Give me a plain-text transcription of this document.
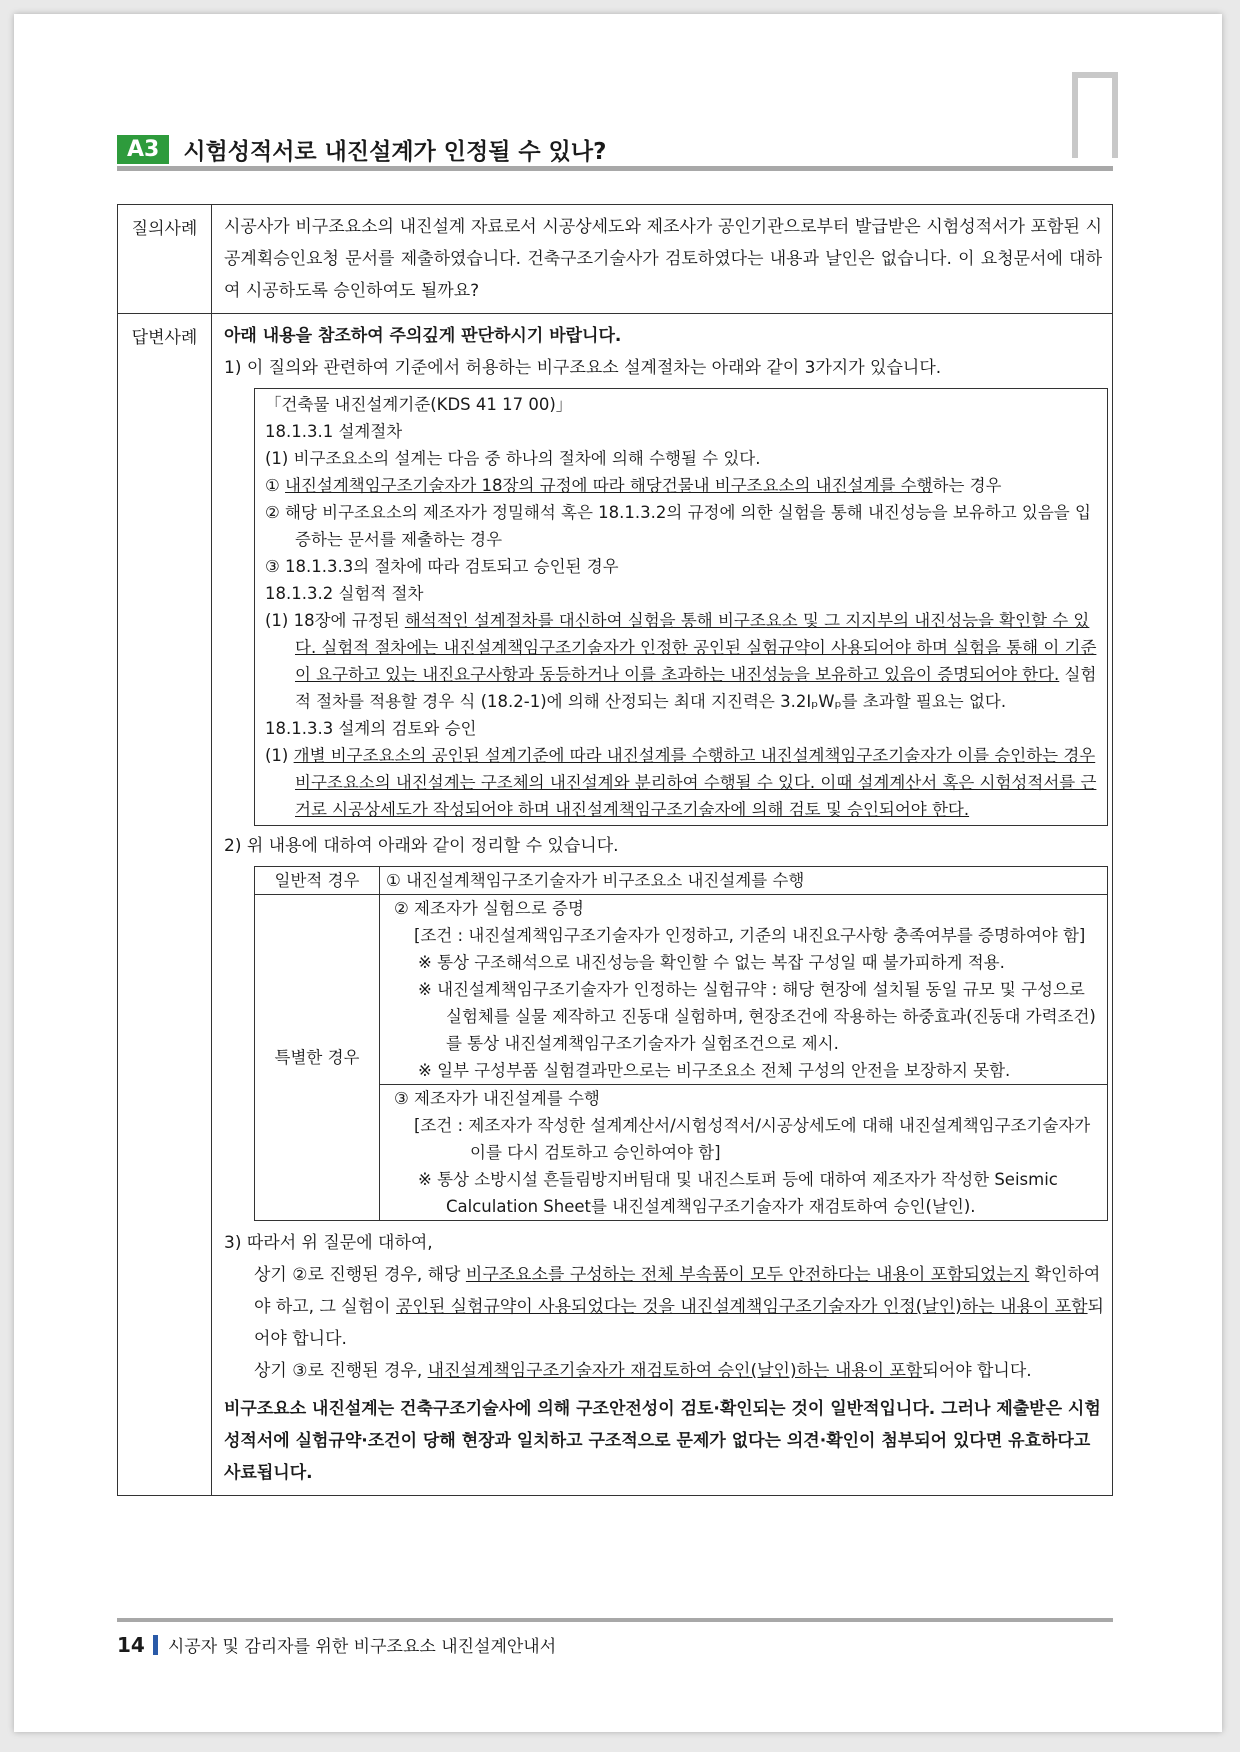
A3	시험성적서로 내진설계가 인정될 수 있나?
질의사례	시공사가 비구조요소의 내진설계 자료로서 시공상세도와 제조사가 공인기관으로부터 발급받은 시험성적서가 포함된 시공계획승인요청 문서를 제출하였습니다. 건축구조기술사가 검토하였다는 내용과 날인은 없습니다. 이 요청문서에 대하여 시공하도록 승인하여도 될까요?
답변사례	아래 내용을 참조하여 주의깊게 판단하시기 바랍니다.

1) 이 질의와 관련하여 기준에서 허용하는 비구조요소 설계절차는 아래와 같이 3가지가 있습니다.

「건축물 내진설계기준(KDS 41 17 00)」
18.1.3.1 설계절차
(1) 비구조요소의 설계는 다음 중 하나의 절차에 의해 수행될 수 있다.
① 내진설계책임구조기술자가 18장의 규정에 따라 해당건물내 비구조요소의 내진설계를 수행하는 경우
② 해당 비구조요소의 제조자가 정밀해석 혹은 18.1.3.2의 규정에 의한 실험을 통해 내진성능을 보유하고 있음을 입증하는 문서를 제출하는 경우
③ 18.1.3.3의 절차에 따라 검토되고 승인된 경우
18.1.3.2 실험적 절차
(1) 18장에 규정된 해석적인 설계절차를 대신하여 실험을 통해 비구조요소 및 그 지지부의 내진성능을 확인할 수 있다. 실험적 절차에는 내진설계책임구조기술자가 인정한 공인된 실험규약이 사용되어야 하며 실험을 통해 이 기준이 요구하고 있는 내진요구사항과 동등하거나 이를 초과하는 내진성능을 보유하고 있음이 증명되어야 한다. 실험적 절차를 적용할 경우 식 (18.2-1)에 의해 산정되는 최대 지진력은 3.2IₚWₚ를 초과할 필요는 없다.
18.1.3.3 설계의 검토와 승인
(1) 개별 비구조요소의 공인된 설계기준에 따라 내진설계를 수행하고 내진설계책임구조기술자가 이를 승인하는 경우 비구조요소의 내진설계는 구조체의 내진설계와 분리하여 수행될 수 있다. 이때 설계계산서 혹은 시험성적서를 근거로 시공상세도가 작성되어야 하며 내진설계책임구조기술자에 의해 검토 및 승인되어야 한다.

2) 위 내용에 대하여 아래와 같이 정리할 수 있습니다.

일반적 경우	① 내진설계책임구조기술자가 비구조요소 내진설계를 수행
특별한 경우	② 제조자가 실험으로 증명
[조건 : 내진설계책임구조기술자가 인정하고, 기준의 내진요구사항 충족여부를 증명하여야 함]
※ 통상 구조해석으로 내진성능을 확인할 수 없는 복잡 구성일 때 불가피하게 적용.
※ 내진설계책임구조기술자가 인정하는 실험규약 : 해당 현장에 설치될 동일 규모 및 구성으로 실험체를 실물 제작하고 진동대 실험하며, 현장조건에 작용하는 하중효과(진동대 가력조건)를 통상 내진설계책임구조기술자가 실험조건으로 제시.
※ 일부 구성부품 실험결과만으로는 비구조요소 전체 구성의 안전을 보장하지 못함.

	③ 제조자가 내진설계를 수행
[조건 : 제조자가 작성한 설계계산서/시험성적서/시공상세도에 대해 내진설계책임구조기술자가 이를 다시 검토하고 승인하여야 함]
※ 통상 소방시설 흔들림방지버팀대 및 내진스토퍼 등에 대하여 제조자가 작성한 Seismic Calculation Sheet를 내진설계책임구조기술자가 재검토하여 승인(날인).

3) 따라서 위 질문에 대하여,

상기 ②로 진행된 경우, 해당 비구조요소를 구성하는 전체 부속품이 모두 안전하다는 내용이 포함되었는지 확인하여야 하고, 그 실험이 공인된 실험규약이 사용되었다는 것을 내진설계책임구조기술자가 인정(날인)하는 내용이 포함되어야 합니다.

상기 ③로 진행된 경우, 내진설계책임구조기술자가 재검토하여 승인(날인)하는 내용이 포함되어야 합니다.

비구조요소 내진설계는 건축구조기술사에 의해 구조안전성이 검토·확인되는 것이 일반적입니다. 그러나 제출받은 시험성적서에 실험규약·조건이 당해 현장과 일치하고 구조적으로 문제가 없다는 의견·확인이 첨부되어 있다면 유효하다고 사료됩니다.

14 시공자 및 감리자를 위한 비구조요소 내진설계안내서
